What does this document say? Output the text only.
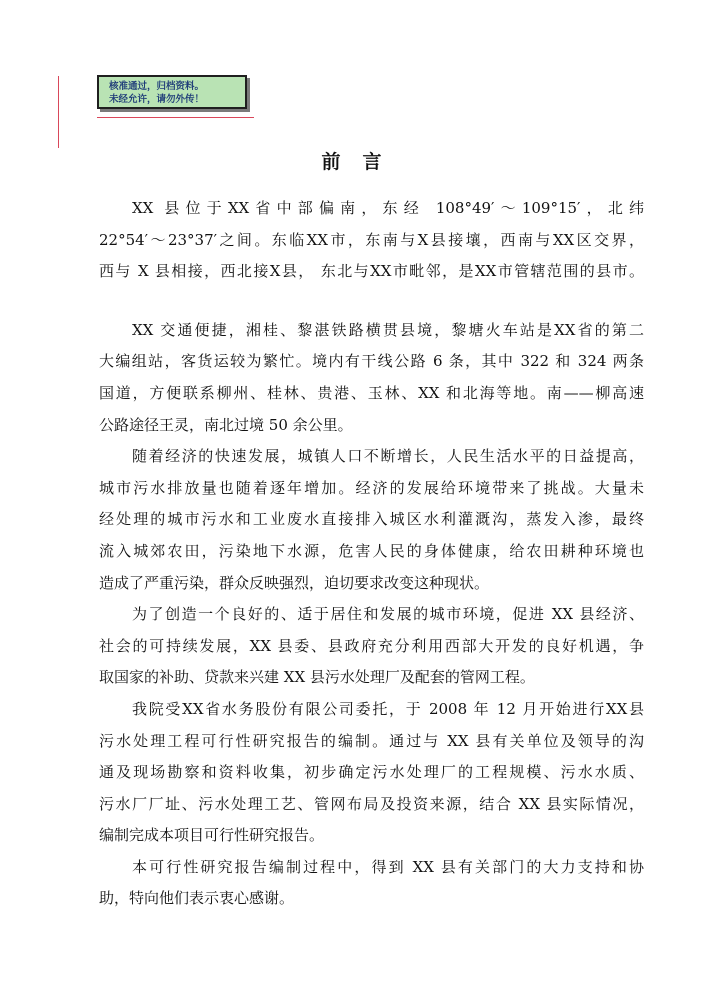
核准通过，归档资料。
未经允许，请勿外传！
前言
XX 县位于XX省中部偏南，东经 108°49′～109°15′，北纬
22°54′～23°37′之间。东临XX市，东南与X县接壤，西南与XX区交界，
西与 X 县相接，西北接X县， 东北与XX市毗邻，是XX市管辖范围的县市。
XX 交通便捷，湘桂、黎湛铁路横贯县境，黎塘火车站是XX省的第二
大编组站，客货运较为繁忙。境内有干线公路 6 条，其中 322 和 324 两条
国道，方便联系柳州、桂林、贵港、玉林、XX 和北海等地。南——柳高速
公路途径王灵，南北过境 50 余公里。
随着经济的快速发展，城镇人口不断增长，人民生活水平的日益提高，
城市污水排放量也随着逐年增加。经济的发展给环境带来了挑战。大量未
经处理的城市污水和工业废水直接排入城区水利灌溉沟，蒸发入渗，最终
流入城郊农田，污染地下水源，危害人民的身体健康，给农田耕种环境也
造成了严重污染，群众反映强烈，迫切要求改变这种现状。
为了创造一个良好的、适于居住和发展的城市环境，促进 XX 县经济、
社会的可持续发展，XX 县委、县政府充分利用西部大开发的良好机遇，争
取国家的补助、贷款来兴建 XX 县污水处理厂及配套的管网工程。
我院受XX省水务股份有限公司委托，于 2008 年 12 月开始进行XX县
污水处理工程可行性研究报告的编制。通过与 XX 县有关单位及领导的沟
通及现场勘察和资料收集，初步确定污水处理厂的工程规模、污水水质、
污水厂厂址、污水处理工艺、管网布局及投资来源，结合 XX 县实际情况，
编制完成本项目可行性研究报告。
本可行性研究报告编制过程中，得到 XX 县有关部门的大力支持和协
助，特向他们表示衷心感谢。
